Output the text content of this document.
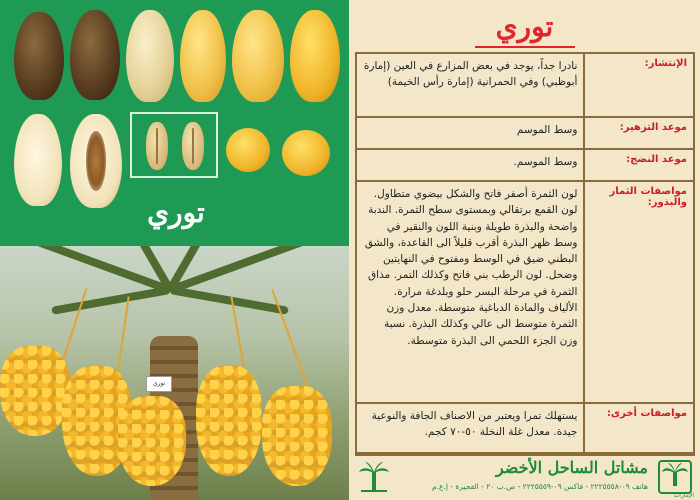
توري
توري
توري
نادرا جداً، يوجد في بعض المزارع في العين (إمارة أبوظبي) وفي الحمرانية (إمارة رأس الخيمة)	الإنتشار:
وسط الموسم	موعد التزهير:
وسط الموسم.	موعد النضج:
لون الثمرة أصفر فاتح والشكل بيضوي متطاول. لون القمع برتقالي وبمستوى سطح الثمرة. الندبة واضحة والبذرة طويلة وبنية اللون والنقير في وسط ظهر البذرة أقرب قليلاً الى القاعدة، والشق البطني ضيق في الوسط ومفتوح في النهايتين وضحل. لون الرطب بني فاتح وكذلك التمر. مذاق الثمرة في مرحلة البسر حلو وبلدغة مرارة. الألياف والمادة الدباغية متوسطة. معدل وزن الثمرة متوسط الى عالي وكذلك البذرة. نسبة وزن الجزء اللحمي الى البذرة متوسطة.	مواصفات الثمار والبذور:
يستهلك تمرا ويعتبر من الاصناف الجافة والنوعية جيدة. معدل غلة النخلة ٥٠-٧٠ كجم.	مواصفات أخرى:
مشاتل الساحل الأخضر
هاتف ٠٩-٢٢٢٥٥٥٨ - فاكس ٠٩-٢٢٢٥٥٥٩ - ص.ب ٢٠ - الفجيرة - إ.ع.م
الإمارات
